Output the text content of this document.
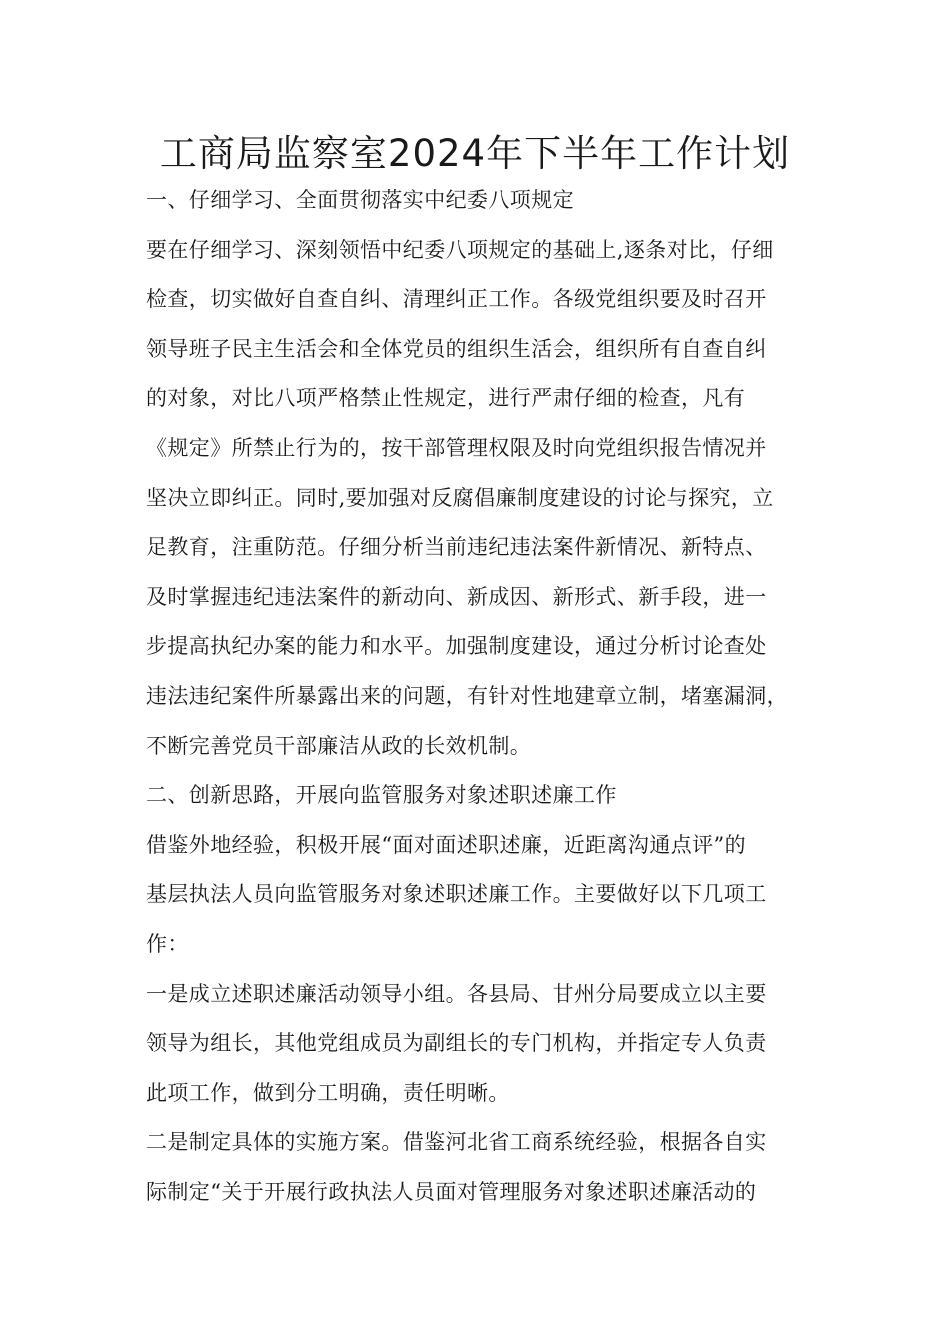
工商局监察室2024年下半年工作计划
一、仔细学习、全面贯彻落实中纪委八项规定
要在仔细学习、深刻领悟中纪委八项规定的基础上,逐条对比，仔细
检查，切实做好自查自纠、清理纠正工作。各级党组织要及时召开
领导班子民主生活会和全体党员的组织生活会，组织所有自查自纠
的对象，对比八项严格禁止性规定，进行严肃仔细的检查，凡有
《规定》所禁止行为的，按干部管理权限及时向党组织报告情况并
坚决立即纠正。同时,要加强对反腐倡廉制度建设的讨论与探究，立
足教育，注重防范。仔细分析当前违纪违法案件新情况、新特点、
及时掌握违纪违法案件的新动向、新成因、新形式、新手段，进一
步提高执纪办案的能力和水平。加强制度建设，通过分析讨论查处
违法违纪案件所暴露出来的问题，有针对性地建章立制，堵塞漏洞，
不断完善党员干部廉洁从政的长效机制。
二、创新思路，开展向监管服务对象述职述廉工作
借鉴外地经验，积极开展“面对面述职述廉，近距离沟通点评”的
基层执法人员向监管服务对象述职述廉工作。主要做好以下几项工
作：
一是成立述职述廉活动领导小组。各县局、甘州分局要成立以主要
领导为组长，其他党组成员为副组长的专门机构，并指定专人负责
此项工作，做到分工明确，责任明晰。
二是制定具体的实施方案。借鉴河北省工商系统经验，根据各自实
际制定“关于开展行政执法人员面对管理服务对象述职述廉活动的
